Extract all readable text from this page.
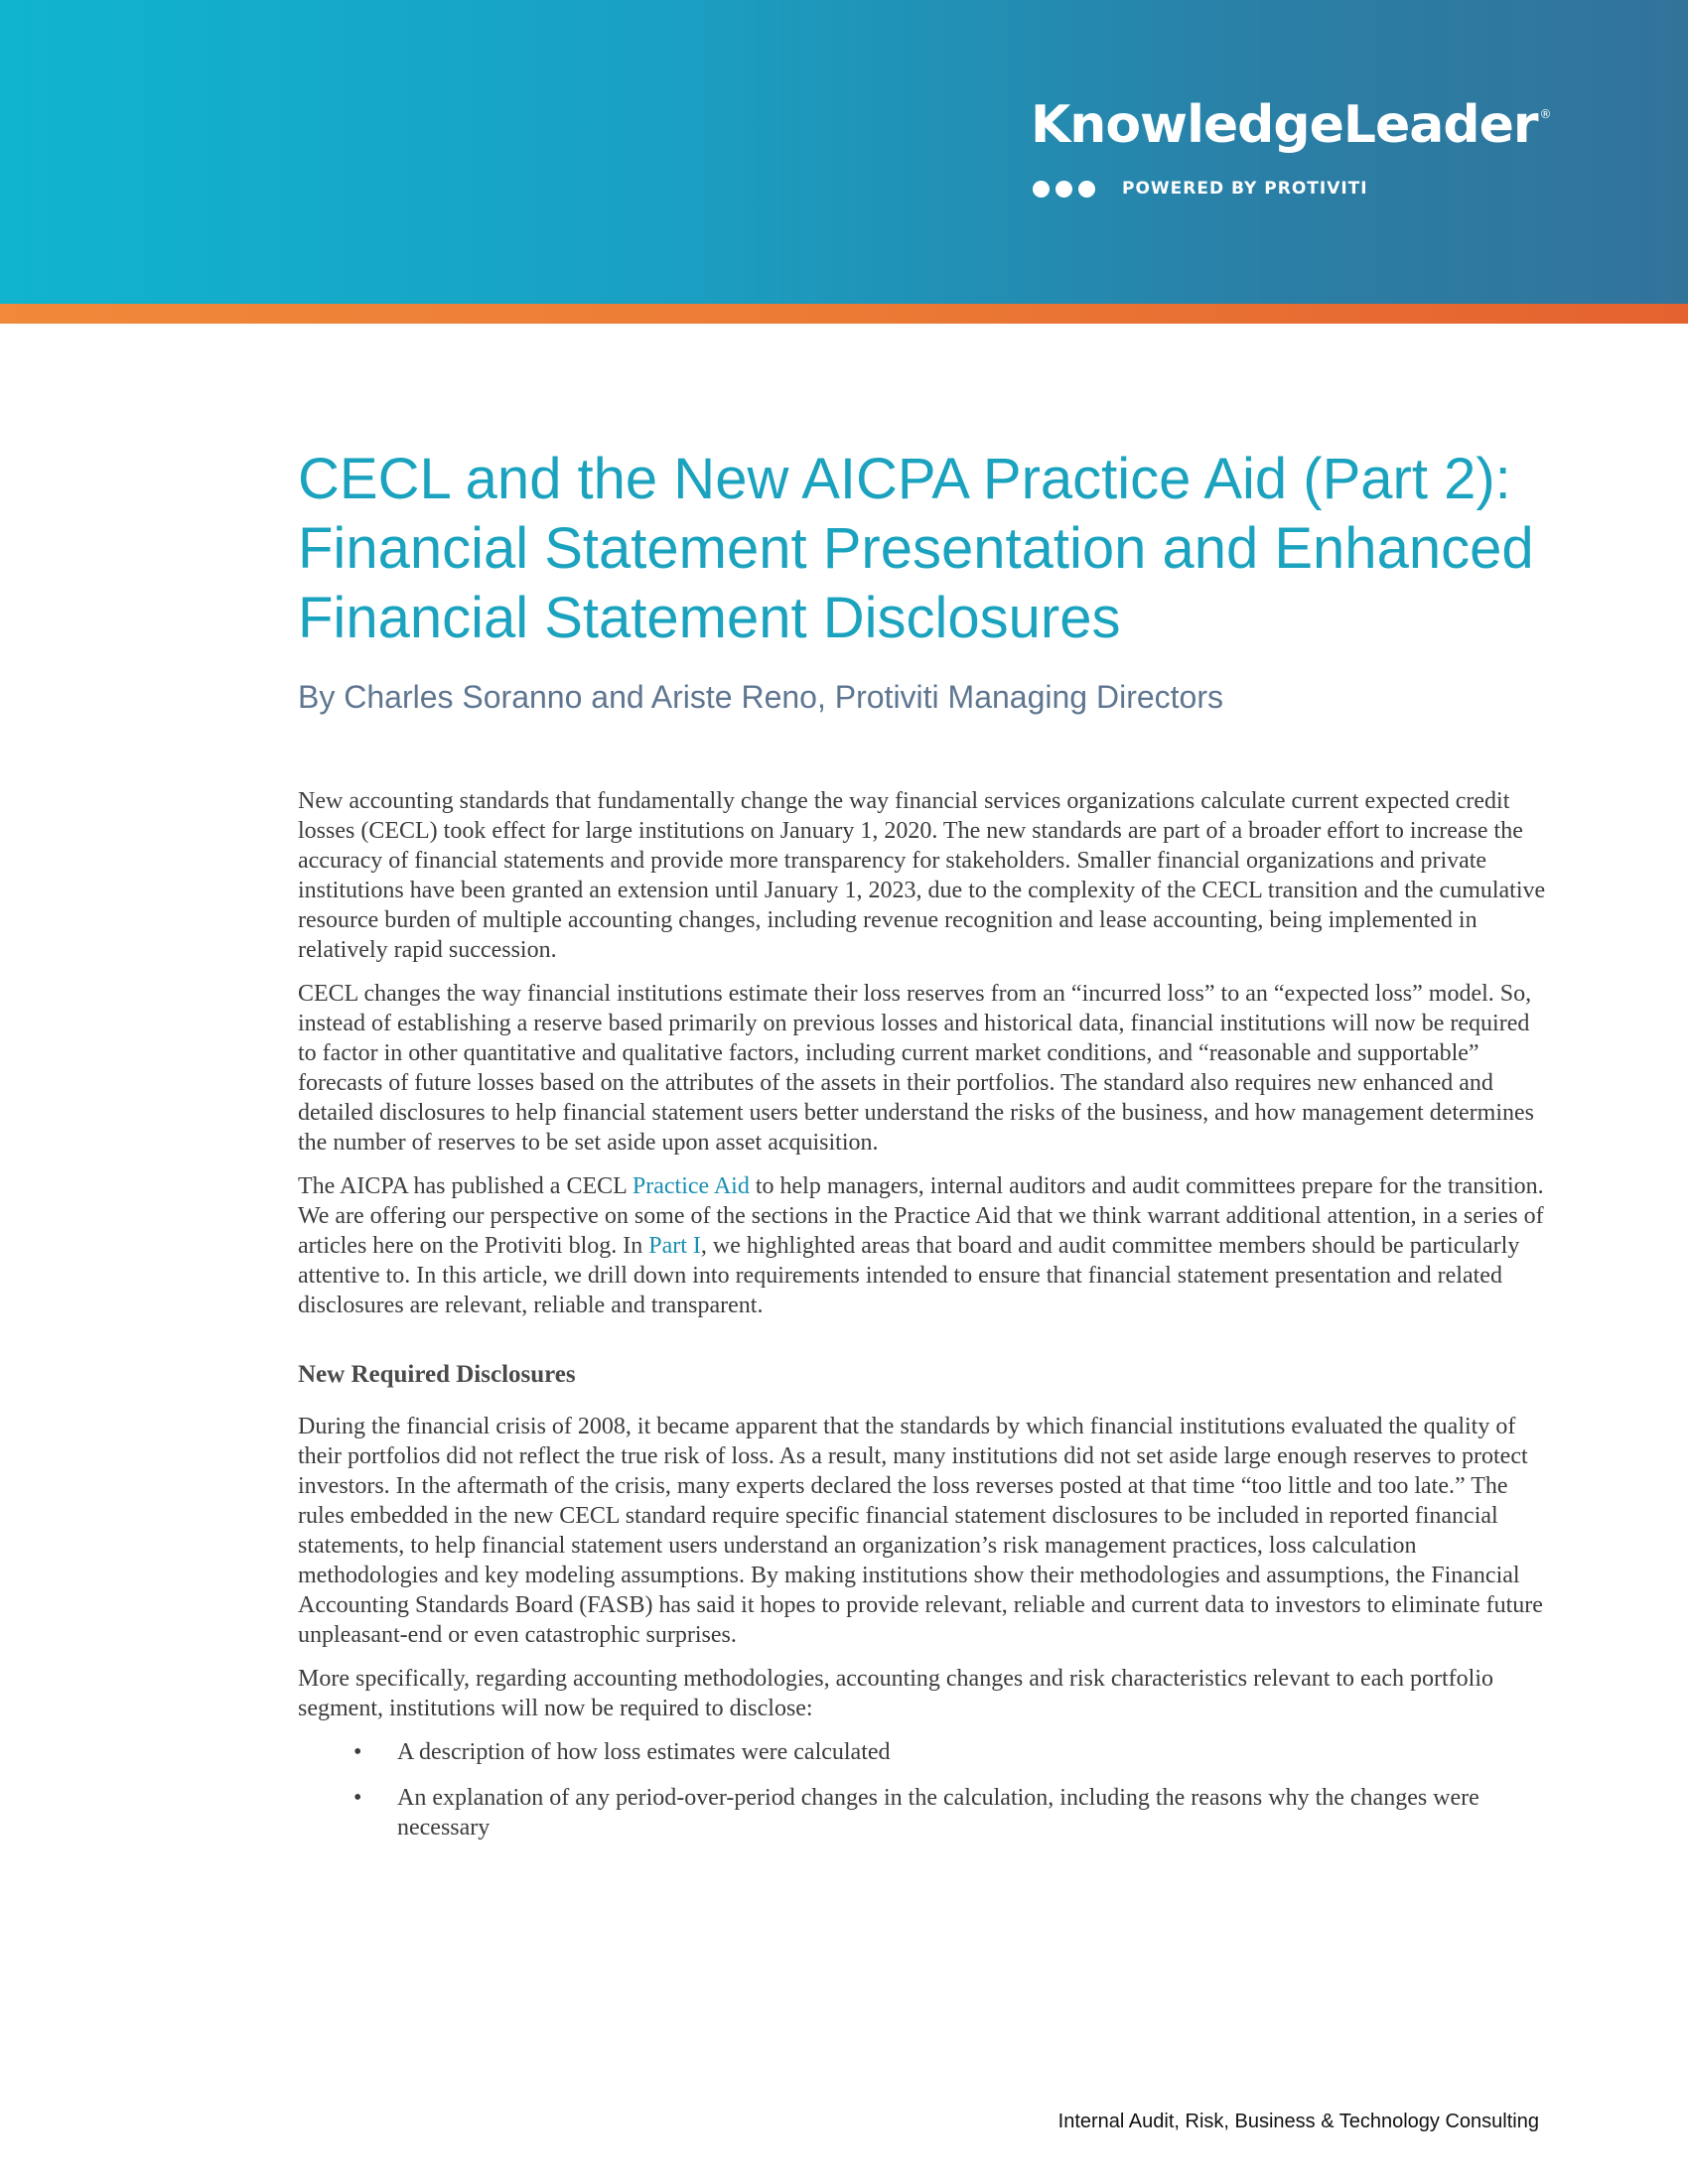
KnowledgeLeader ®
POWERED BY PROTIVITI
CECL and the New AICPA Practice Aid (Part 2): Financial Statement Presentation and Enhanced Financial Statement Disclosures
By Charles Soranno and Ariste Reno, Protiviti Managing Directors

New accounting standards that fundamentally change the way financial services organizations calculate current expected credit losses (CECL) took effect for large institutions on January 1, 2020. The new standards are part of a broader effort to increase the accuracy of financial statements and provide more transparency for stakeholders. Smaller financial organizations and private institutions have been granted an extension until January 1, 2023, due to the complexity of the CECL transition and the cumulative resource burden of multiple accounting changes, including revenue recognition and lease accounting, being implemented in relatively rapid succession.

CECL changes the way financial institutions estimate their loss reserves from an “incurred loss” to an “expected loss” model. So, instead of establishing a reserve based primarily on previous losses and historical data, financial institutions will now be required to factor in other quantitative and qualitative factors, including current market conditions, and “reasonable and supportable” forecasts of future losses based on the attributes of the assets in their portfolios. The standard also requires new enhanced and detailed disclosures to help financial statement users better understand the risks of the business, and how management determines the number of reserves to be set aside upon asset acquisition.

The AICPA has published a CECL Practice Aid to help managers, internal auditors and audit committees prepare for the transition. We are offering our perspective on some of the sections in the Practice Aid that we think warrant additional attention, in a series of articles here on the Protiviti blog. In Part I, we highlighted areas that board and audit committee members should be particularly attentive to. In this article, we drill down into requirements intended to ensure that financial statement presentation and related disclosures are relevant, reliable and transparent.

New Required Disclosures

During the financial crisis of 2008, it became apparent that the standards by which financial institutions evaluated the quality of their portfolios did not reflect the true risk of loss. As a result, many institutions did not set aside large enough reserves to protect investors. In the aftermath of the crisis, many experts declared the loss reverses posted at that time “too little and too late.” The rules embedded in the new CECL standard require specific financial statement disclosures to be included in reported financial statements, to help financial statement users understand an organization’s risk management practices, loss calculation methodologies and key modeling assumptions. By making institutions show their methodologies and assumptions, the Financial Accounting Standards Board (FASB) has said it hopes to provide relevant, reliable and current data to investors to eliminate future unpleasant-end or even catastrophic surprises.

More specifically, regarding accounting methodologies, accounting changes and risk characteristics relevant to each portfolio segment, institutions will now be required to disclose:

• A description of how loss estimates were calculated
• An explanation of any period-over-period changes in the calculation, including the reasons why the changes were necessary
Internal Audit, Risk, Business & Technology Consulting
